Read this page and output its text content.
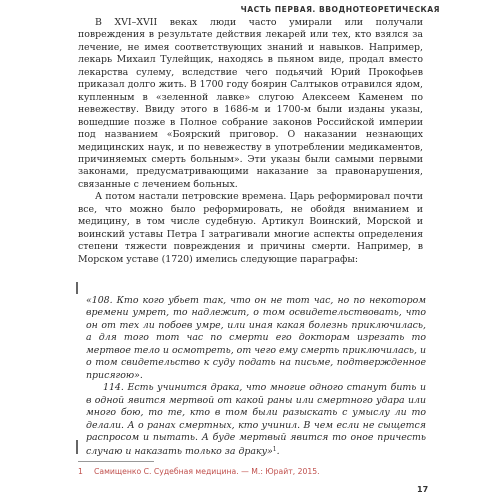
ЧАСТЬ ПЕРВАЯ. ВВОДНОТЕОРЕТИЧЕСКАЯ

В XVI–XVII веках люди часто умирали или получали повреждения в результате действия лекарей или тех, кто взялся за лечение, не имея соответствующих знаний и навыков. Например, лекарь Михаил Тулейщик, находясь в пьяном виде, продал вместо лекарства сулему, вследствие чего подьячий Юрий Прокофьев приказал долго жить. В 1700 году боярин Салтыков отравился ядом, купленным в «зеленной лавке» слугою Алексеем Каменем по невежеству. Ввиду этого в 1686-м и 1700-м были изданы указы, вошедшие позже в Полное собрание законов Российской империи под названием «Боярский приговор. О наказании незнающих медицинских наук, и по невежеству в употреблении медикаментов, причиняемых смерть больным». Эти указы были самыми первыми законами, предусматривающими наказание за правонарушения, связанные с лечением больных.

А потом настали петровские времена. Царь реформировал почти все, что можно было реформировать, не обойдя вниманием и медицину, в том числе судебную. Артикул Воинский, Морской и воинский уставы Петра I затрагивали многие аспекты определения степени тяжести повреждения и причины смерти. Например, в Морском уставе (1720) имелись следующие параграфы:

«108. Кто кого убьет так, что он не тот час, но по некотором времени умрет, то надлежит, о том освидетельствовать, что он от тех ли побоев умре, или иная какая болезнь приключилась, а для того тот час по смерти его докторам изрезать то мертвое тело и осмотреть, от чего ему смерть приключилась, и о том свидетельство к суду подать на письме, подтвержденное присягою».

114. Есть учинится драка, что многие одного станут бить и в одной явится мертвой от какой раны или смертного удара или много бою, то те, кто в том были разыскать с умыслу ли то делали. А о ранах смертных, кто учинил. В чем если не сыщется распросом и пытать. А буде мертвый явится то оное причесть случаю и наказать только за драку»$^1$.

1 Самищенко С. Судебная медицина. — М.: Юрайт, 2015.
17
